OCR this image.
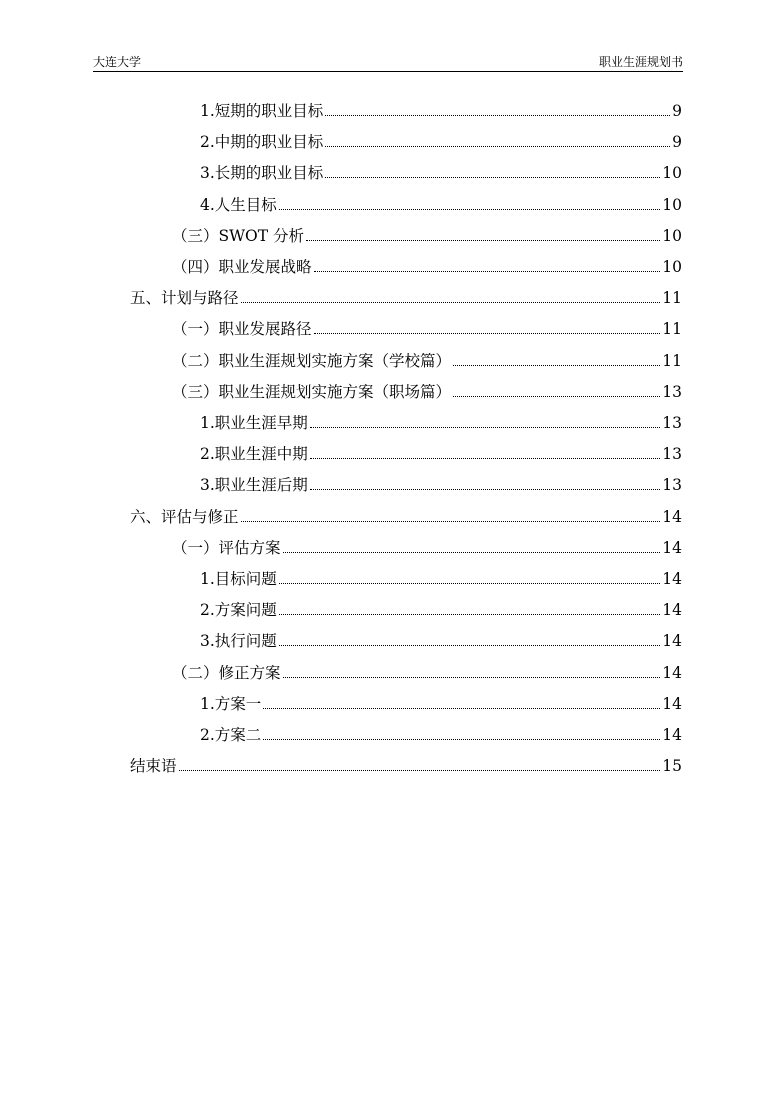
大连大学	职业生涯规划书
1.短期的职业目标	9
2.中期的职业目标	9
3.长期的职业目标	10
4.人生目标	10
（三）SWOT 分析	10
（四）职业发展战略	10
五、计划与路径	11
（一）职业发展路径	11
（二）职业生涯规划实施方案（学校篇）	11
（三）职业生涯规划实施方案（职场篇）	13
1.职业生涯早期	13
2.职业生涯中期	13
3.职业生涯后期	13
六、评估与修正	14
（一）评估方案	14
1.目标问题	14
2.方案问题	14
3.执行问题	14
（二）修正方案	14
1.方案一	14
2.方案二	14
结束语	15
